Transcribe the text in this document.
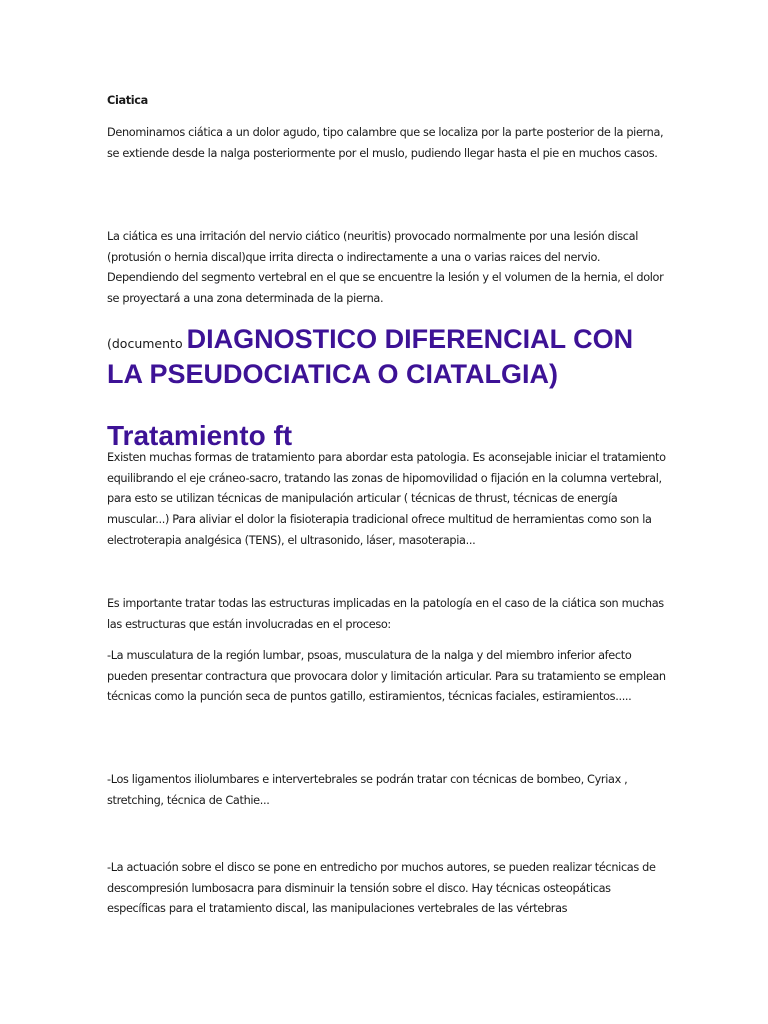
Ciatica

Denominamos ciática a un dolor agudo, tipo calambre que se localiza por la parte posterior de la pierna, se extiende desde la nalga posteriormente por el muslo, pudiendo llegar hasta el pie en muchos casos.

La ciática es una irritación del nervio ciático (neuritis) provocado normalmente por una lesión discal (protusión o hernia discal)que irrita directa o indirectamente a una o varias raices del nervio. Dependiendo del segmento vertebral en el que se encuentre la lesión y el volumen de la hernia, el dolor se proyectará a una zona determinada de la pierna.

(documento DIAGNOSTICO DIFERENCIAL CON LA PSEUDOCIATICA O CIATALGIA)
Tratamiento ft

Existen muchas formas de tratamiento para abordar esta patologia. Es aconsejable iniciar el tratamiento equilibrando el eje cráneo-sacro, tratando las zonas de hipomovilidad o fijación en la columna vertebral, para esto se utilizan técnicas de manipulación articular ( técnicas de thrust, técnicas de energía muscular...) Para aliviar el dolor la fisioterapia tradicional ofrece multitud de herramientas como son la electroterapia analgésica (TENS), el ultrasonido, láser, masoterapia...

Es importante tratar todas las estructuras implicadas en la patología en el caso de la ciática son muchas las estructuras que están involucradas en el proceso:

-La musculatura de la región lumbar, psoas, musculatura de la nalga y del miembro inferior afecto pueden presentar contractura que provocara dolor y limitación articular. Para su tratamiento se emplean técnicas como la punción seca de puntos gatillo, estiramientos, técnicas faciales, estiramientos.....

-Los ligamentos iliolumbares e intervertebrales se podrán tratar con técnicas de bombeo, Cyriax , stretching, técnica de Cathie...

-La actuación sobre el disco se pone en entredicho por muchos autores, se pueden realizar técnicas de descompresión lumbosacra para disminuir la tensión sobre el disco. Hay técnicas osteopáticas específicas para el tratamiento discal, las manipulaciones vertebrales de las vértebras
